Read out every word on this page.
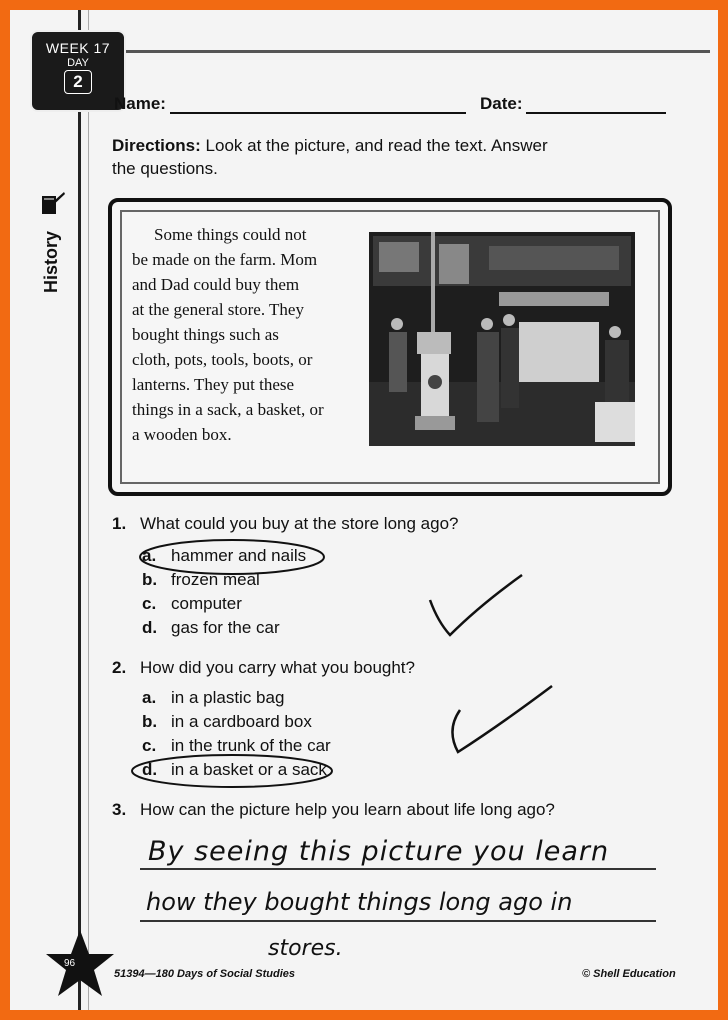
WEEK 17
DAY
2
History
Name:	Date:
Directions: Look at the picture, and read the text. Answer
the questions.
Some things could not
be made on the farm. Mom
and Dad could buy them
at the general store. They
bought things such as
cloth, pots, tools, boots, or
lanterns. They put these
things in a sack, a basket, or
a wooden box.
1. What could you buy at the store long ago?
a. hammer and nails
b. frozen meal
c. computer
d. gas for the car
2. How did you carry what you bought?
a. in a plastic bag
b. in a cardboard box
c. in the trunk of the car
d. in a basket or a sack
3. How can the picture help you learn about life long ago?
By seeing this picture you learn
how they bought things long ago in
stores.
96
51394—180 Days of Social Studies	© Shell Education
